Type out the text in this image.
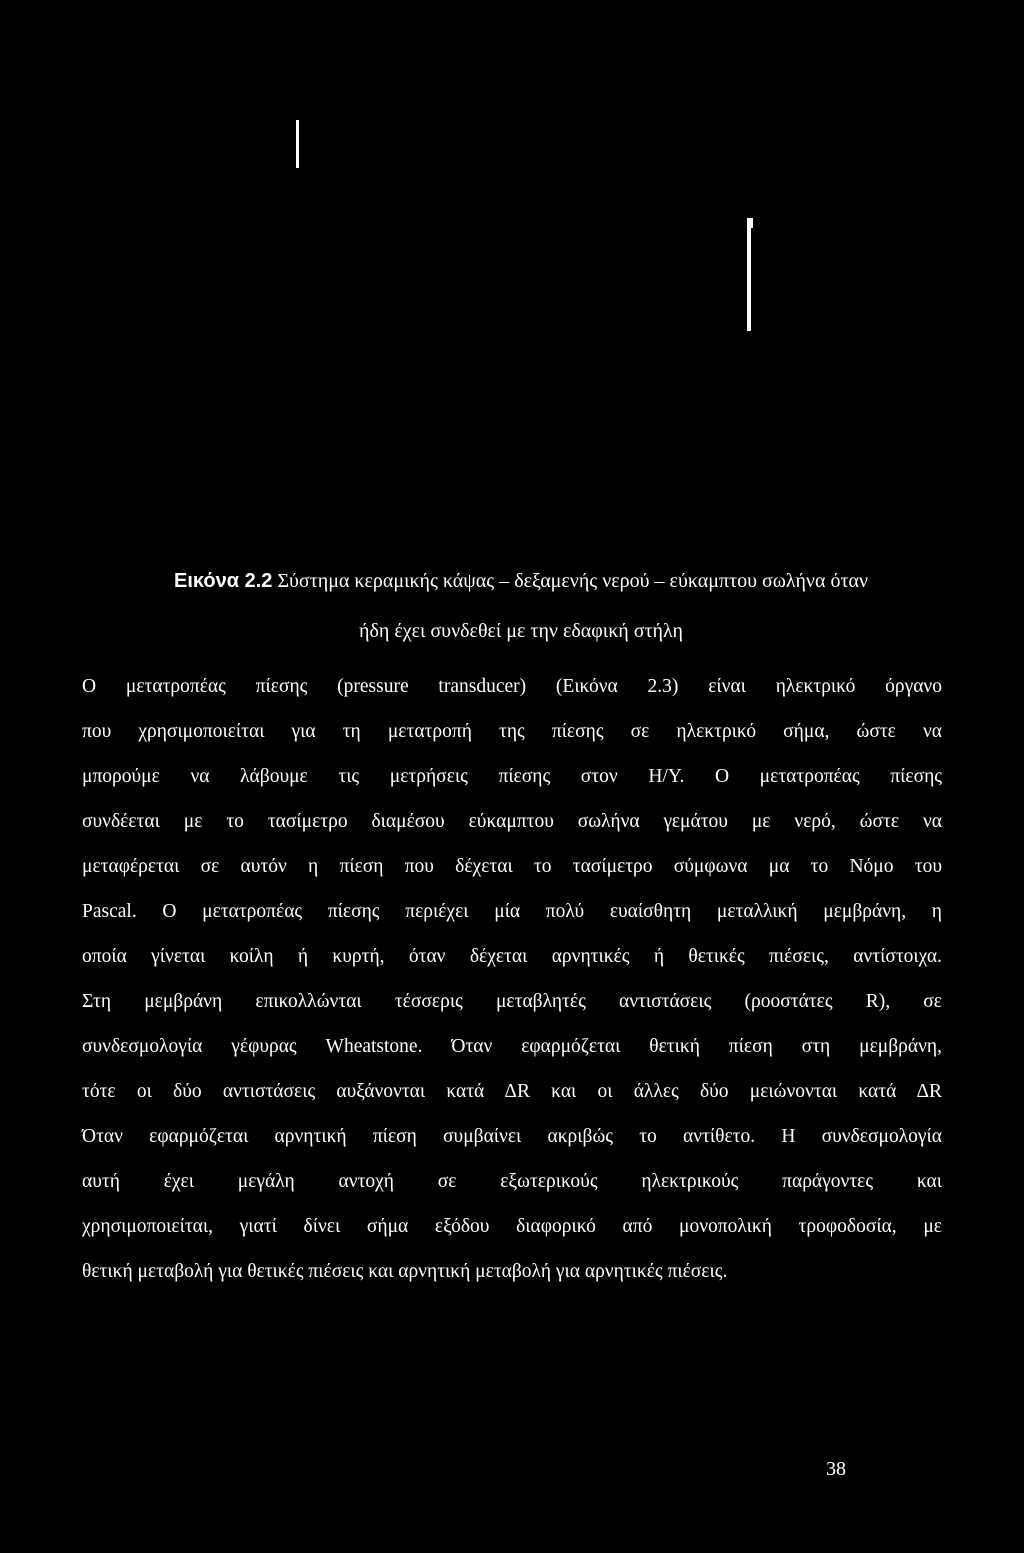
Εικόνα 2.2 Σύστημα κεραμικής κάψας – δεξαμενής νερού – εύκαμπτου σωλήνα όταν
ήδη έχει συνδεθεί με την εδαφική στήλη
Ο μετατροπέας πίεσης (pressure transducer) (Εικόνα 2.3) είναι ηλεκτρικό όργανο
που χρησιμοποιείται για τη μετατροπή της πίεσης σε ηλεκτρικό σήμα, ώστε να
μπορούμε να λάβουμε τις μετρήσεις πίεσης στον Η/Υ. Ο μετατροπέας πίεσης
συνδέεται με το τασίμετρο διαμέσου εύκαμπτου σωλήνα γεμάτου με νερό, ώστε να
μεταφέρεται σε αυτόν η πίεση που δέχεται το τασίμετρο σύμφωνα μα το Νόμο του
Pascal. Ο μετατροπέας πίεσης περιέχει μία πολύ ευαίσθητη μεταλλική μεμβράνη, η
οποία γίνεται κοίλη ή κυρτή, όταν δέχεται αρνητικές ή θετικές πιέσεις, αντίστοιχα.
Στη μεμβράνη επικολλώνται τέσσερις μεταβλητές αντιστάσεις (ροοστάτες R), σε
συνδεσμολογία γέφυρας Wheatstone. Όταν εφαρμόζεται θετική πίεση στη μεμβράνη,
τότε οι δύο αντιστάσεις αυξάνονται κατά ΔR και οι άλλες δύο μειώνονται κατά ΔR
Όταν εφαρμόζεται αρνητική πίεση συμβαίνει ακριβώς το αντίθετο. Η συνδεσμολογία
αυτή έχει μεγάλη αντοχή σε εξωτερικούς ηλεκτρικούς παράγοντες και
χρησιμοποιείται, γιατί δίνει σήμα εξόδου διαφορικό από μονοπολική τροφοδοσία, με
θετική μεταβολή για θετικές πιέσεις και αρνητική μεταβολή για αρνητικές πιέσεις.
38
